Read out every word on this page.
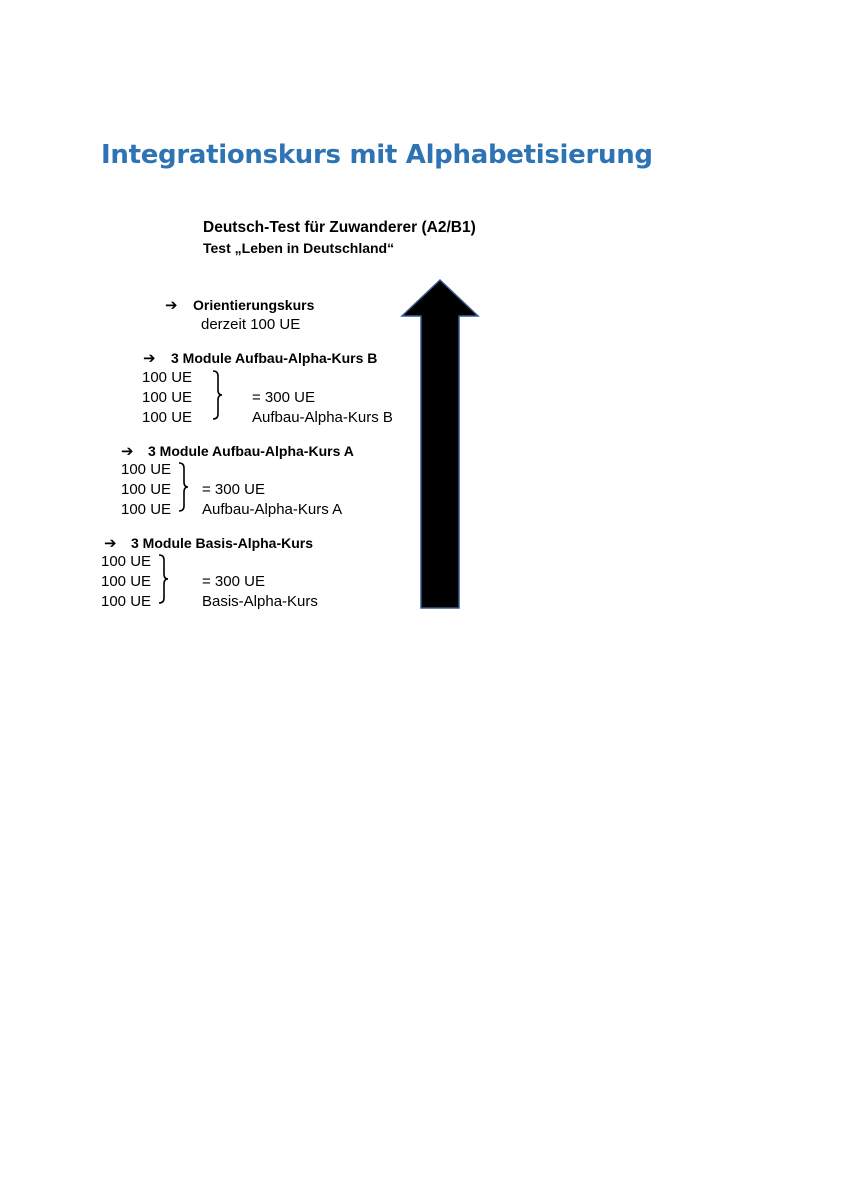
Integrationskurs mit Alphabetisierung
Deutsch-Test für Zuwanderer (A2/B1)
Test „Leben in Deutschland“
➔ Orientierungskurs
derzeit 100 UE
➔ 3 Module Aufbau-Alpha-Kurs B
100 UE
100 UE
100 UE
= 300 UE
Aufbau-Alpha-Kurs B
➔ 3 Module Aufbau-Alpha-Kurs A
100 UE
100 UE
100 UE
= 300 UE
Aufbau-Alpha-Kurs A
➔ 3 Module Basis-Alpha-Kurs
100 UE
100 UE
100 UE
= 300 UE
Basis-Alpha-Kurs
